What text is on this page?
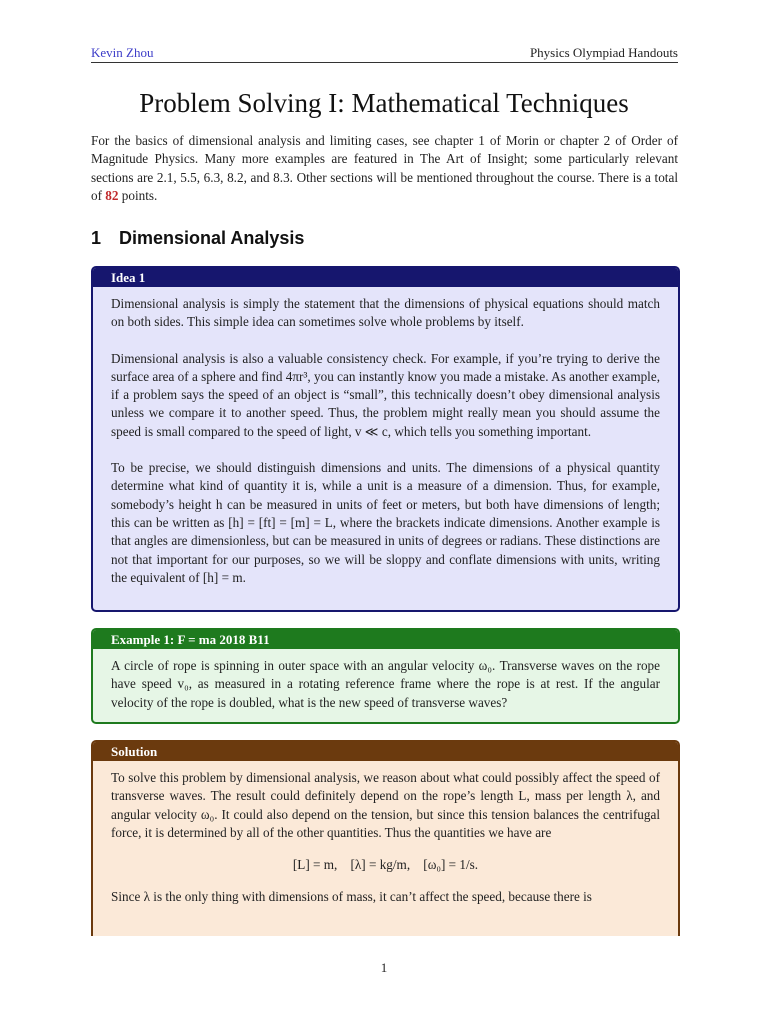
Kevin Zhou	Physics Olympiad Handouts
Problem Solving I: Mathematical Techniques
For the basics of dimensional analysis and limiting cases, see chapter 1 of Morin or chapter 2 of Order of Magnitude Physics. Many more examples are featured in The Art of Insight; some particularly relevant sections are 2.1, 5.5, 6.3, 8.2, and 8.3. Other sections will be mentioned throughout the course. There is a total of 82 points.
1 Dimensional Analysis
Idea 1

Dimensional analysis is simply the statement that the dimensions of physical equations should match on both sides. This simple idea can sometimes solve whole problems by itself.

Dimensional analysis is also a valuable consistency check. For example, if you’re trying to derive the surface area of a sphere and find 4πr³, you can instantly know you made a mistake. As another example, if a problem says the speed of an object is “small”, this technically doesn’t obey dimensional analysis unless we compare it to another speed. Thus, the problem might really mean you should assume the speed is small compared to the speed of light, v ≪ c, which tells you something important.

To be precise, we should distinguish dimensions and units. The dimensions of a physical quantity determine what kind of quantity it is, while a unit is a measure of a dimension. Thus, for example, somebody’s height h can be measured in units of feet or meters, but both have dimensions of length; this can be written as [h] = [ft] = [m] = L, where the brackets indicate dimensions. Another example is that angles are dimensionless, but can be measured in units of degrees or radians. These distinctions are not that important for our purposes, so we will be sloppy and conflate dimensions with units, writing the equivalent of [h] = m.

Example 1: F = ma 2018 B11

A circle of rope is spinning in outer space with an angular velocity ω₀. Transverse waves on the rope have speed v₀, as measured in a rotating reference frame where the rope is at rest. If the angular velocity of the rope is doubled, what is the new speed of transverse waves?

Solution

To solve this problem by dimensional analysis, we reason about what could possibly affect the speed of transverse waves. The result could definitely depend on the rope’s length L, mass per length λ, and angular velocity ω₀. It could also depend on the tension, but since this tension balances the centrifugal force, it is determined by all of the other quantities. Thus the quantities we have are

[L] = m,    [λ] = kg/m,    [ω₀] = 1/s.

Since λ is the only thing with dimensions of mass, it can’t affect the speed, because there is

1
